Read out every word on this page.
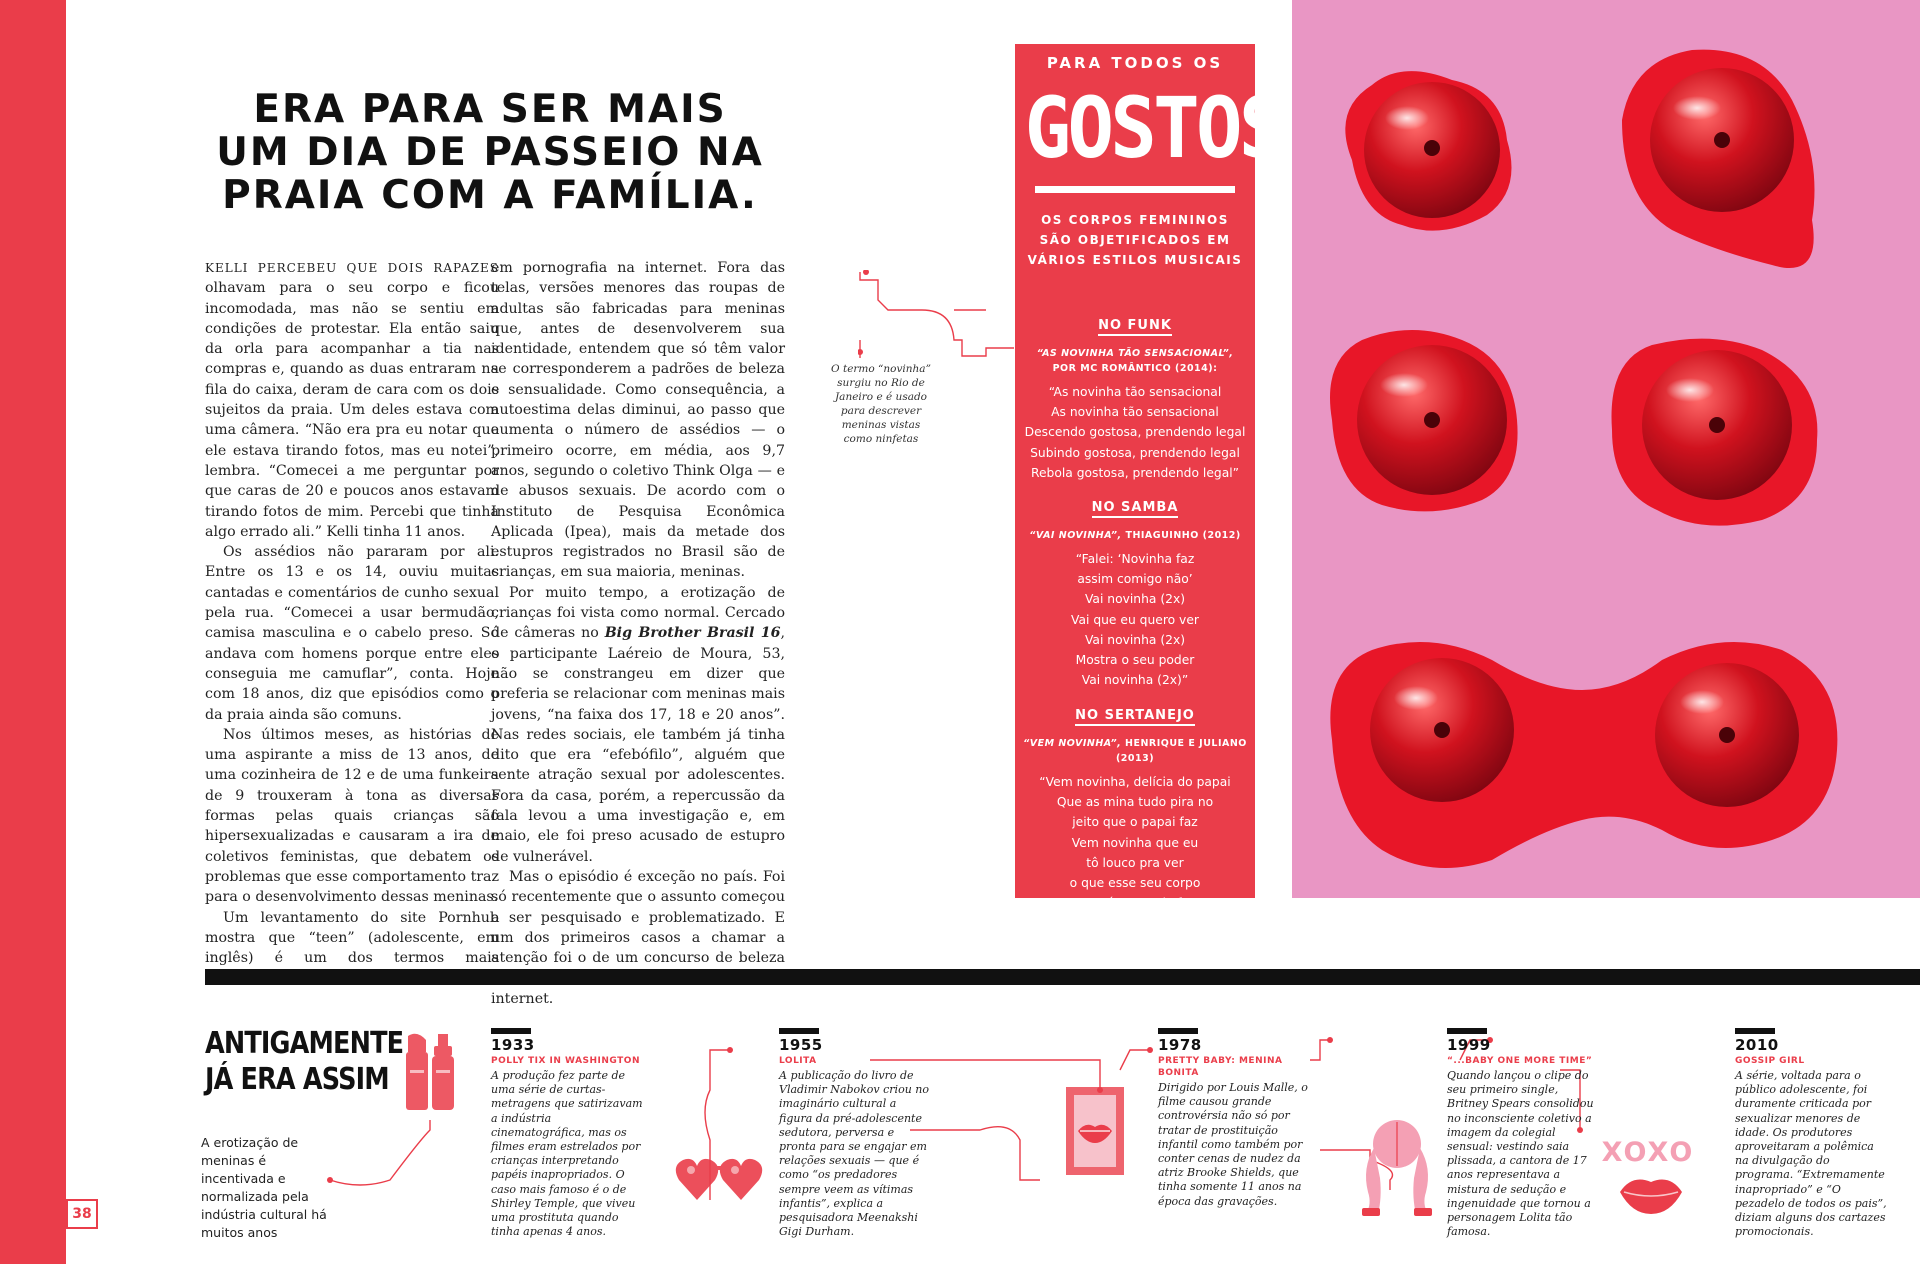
38
ERA PARA SER MAIS
UM DIA DE PASSEIO NA
PRAIA COM A FAMÍLIA.

KELLI PERCEBEU QUE DOIS RAPAZES olhavam para o seu corpo e ficou incomodada, mas não se sentiu em condições de protestar. Ela então saiu da orla para acompanhar a tia nas compras e, quando as duas entraram na fila do caixa, deram de cara com os dois sujeitos da praia. Um deles estava com uma câmera. “Não era pra eu notar que ele estava tirando fotos, mas eu notei”, lembra. “Comecei a me perguntar por que caras de 20 e poucos anos estavam tirando fotos de mim. Percebi que tinha algo errado ali.” Kelli tinha 11 anos.

Os assédios não pararam por ali. Entre os 13 e os 14, ouviu muitas cantadas e comentários de cunho sexual pela rua. “Comecei a usar bermudão, camisa masculina e o cabelo preso. Só andava com homens porque entre eles conseguia me camuflar”, conta. Hoje com 18 anos, diz que episódios como o da praia ainda são comuns.

Nos últimos meses, as histórias de uma aspirante a miss de 13 anos, de uma cozinheira de 12 e de uma funkeira de 9 trouxeram à tona as diversas formas pelas quais crianças são hipersexualizadas e causaram a ira de coletivos feministas, que debatem os problemas que esse comportamento traz para o desenvolvimento dessas meninas.

Um levantamento do site Pornhub mostra que “teen” (adolescente, em inglês) é um dos termos mais

em pornografia na internet. Fora das telas, versões menores das roupas de adultas são fabricadas para meninas que, antes de desenvolverem sua identidade, entendem que só têm valor se corresponderem a padrões de beleza e sensualidade. Como consequência, a autoestima delas diminui, ao passo que aumenta o número de assédios — o primeiro ocorre, em média, aos 9,7 anos, segundo o coletivo Think Olga — e de abusos sexuais. De acordo com o Instituto de Pesquisa Econômica Aplicada (Ipea), mais da metade dos estupros registrados no Brasil são de crianças, em sua maioria, meninas.

Por muito tempo, a erotização de crianças foi vista como normal. Cercado de câmeras no Big Brother Brasil 16, o participante Laéreio de Moura, 53, não se constrangeu em dizer que preferia se relacionar com meninas mais jovens, “na faixa dos 17, 18 e 20 anos”. Nas redes sociais, ele também já tinha dito que era “efebófilo”, alguém que sente atração sexual por adolescentes. Fora da casa, porém, a repercussão da fala levou a uma investigação e, em maio, ele foi preso acusado de estupro de vulnerável.

Mas o episódio é exceção no país. Foi só recentemente que o assunto começou a ser pesquisado e problematizado. E um dos primeiros casos a chamar a atenção foi o de um concurso de beleza internet.

O termo “novinha” surgiu no Rio de Janeiro e é usado para descrever meninas vistas como ninfetas
PARA TODOS OS
GOSTOS
OS CORPOS FEMININOS SÃO OBJETIFICADOS EM VÁRIOS ESTILOS MUSICAIS
NO FUNK
“AS NOVINHA TÃO SENSACIONAL”,
POR MC ROMÂNTICO (2014):
“As novinha tão sensacional
As novinha tão sensacional
Descendo gostosa, prendendo legal
Subindo gostosa, prendendo legal
Rebola gostosa, prendendo legal”
NO SAMBA
“VAI NOVINHA”, THIAGUINHO (2012)
“Falei: ‘Novinha faz
assim comigo não’
Vai novinha (2x)
Vai que eu quero ver
Vai novinha (2x)
Mostra o seu poder
Vai novinha (2x)”
NO SERTANEJO
“VEM NOVINHA”, HENRIQUE E JULIANO (2013)
“Vem novinha, delícia do papai
Que as mina tudo pira no
jeito que o papai faz
Vem novinha que eu
tô louco pra ver
o que esse seu corpo
gostoso é capaz de fazer”
ANTIGAMENTE
JÁ ERA ASSIM
A erotização de meninas é incentivada e normalizada pela indústria cultural há muitos anos
1933
POLLY TIX IN WASHINGTON
A produção fez parte de uma série de curtas-metragens que satirizavam a indústria cinematográfica, mas os filmes eram estrelados por crianças interpretando papéis inapropriados. O caso mais famoso é o de Shirley Temple, que viveu uma prostituta quando tinha apenas 4 anos.
1955
LOLITA
A publicação do livro de Vladimir Nabokov criou no imaginário cultural a figura da pré-adolescente sedutora, perversa e pronta para se engajar em relações sexuais — que é como “os predadores sempre veem as vítimas infantis”, explica a pesquisadora Meenakshi Gigi Durham.
1978
PRETTY BABY: MENINA BONITA
Dirigido por Louis Malle, o filme causou grande controvérsia não só por tratar de prostituição infantil como também por conter cenas de nudez da atriz Brooke Shields, que tinha somente 11 anos na época das gravações.
1999
“...BABY ONE MORE TIME”
Quando lançou o clipe do seu primeiro single, Britney Spears consolidou no inconsciente coletivo a imagem da colegial sensual: vestindo saia plissada, a cantora de 17 anos representava a mistura de sedução e ingenuidade que tornou a personagem Lolita tão famosa.
XOXO
2010
GOSSIP GIRL
A série, voltada para o público adolescente, foi duramente criticada por sexualizar menores de idade. Os produtores aproveitaram a polêmica na divulgação do programa. “Extremamente inapropriado” e “O pezadelo de todos os pais”, diziam alguns dos cartazes promocionais.
